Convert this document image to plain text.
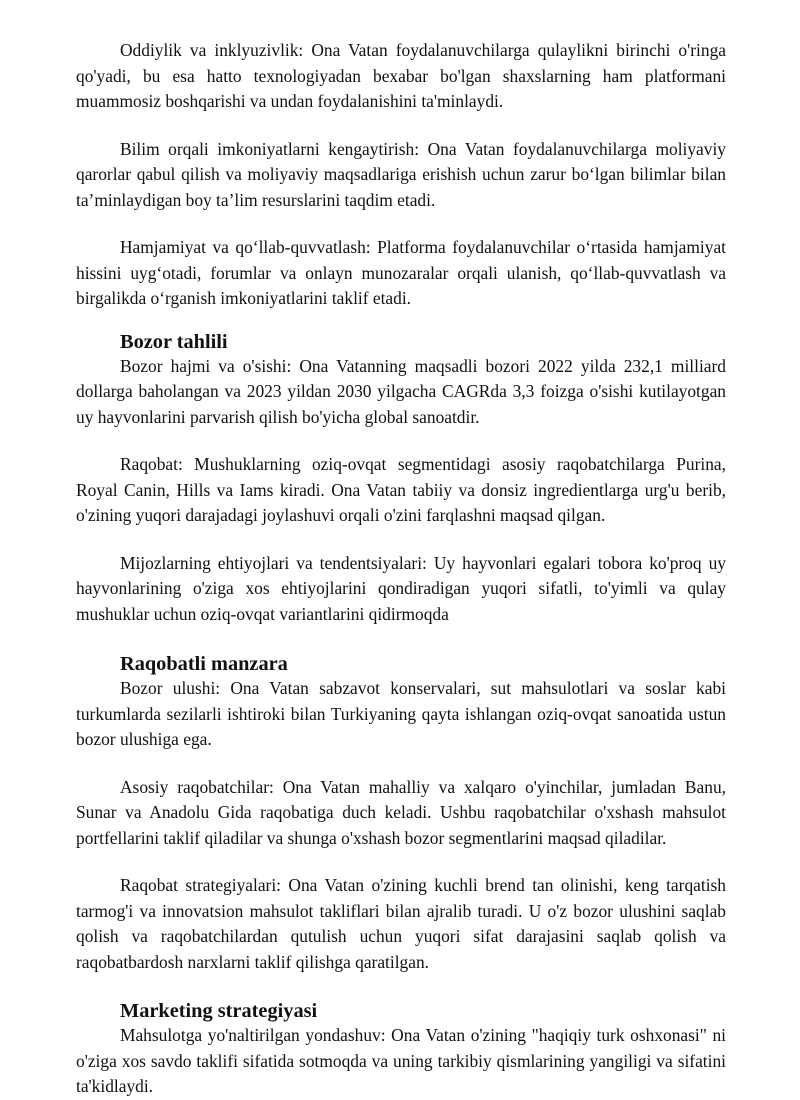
Oddiylik va inklyuzivlik: Ona Vatan foydalanuvchilarga qulaylikni birinchi o'ringa qo'yadi, bu esa hatto texnologiyadan bexabar bo'lgan shaxslarning ham platformani muammosiz boshqarishi va undan foydalanishini ta'minlaydi.

Bilim orqali imkoniyatlarni kengaytirish: Ona Vatan foydalanuvchilarga moliyaviy qarorlar qabul qilish va moliyaviy maqsadlariga erishish uchun zarur bo‘lgan bilimlar bilan ta’minlaydigan boy ta’lim resurslarini taqdim etadi.

Hamjamiyat va qo‘llab-quvvatlash: Platforma foydalanuvchilar o‘rtasida hamjamiyat hissini uyg‘otadi, forumlar va onlayn munozaralar orqali ulanish, qo‘llab-quvvatlash va birgalikda o‘rganish imkoniyatlarini taklif etadi.

Bozor tahlili

Bozor hajmi va o'sishi: Ona Vatanning maqsadli bozori 2022 yilda 232,1 milliard dollarga baholangan va 2023 yildan 2030 yilgacha CAGRda 3,3 foizga o'sishi kutilayotgan uy hayvonlarini parvarish qilish bo'yicha global sanoatdir.

Raqobat: Mushuklarning oziq-ovqat segmentidagi asosiy raqobatchilarga Purina, Royal Canin, Hills va Iams kiradi. Ona Vatan tabiiy va donsiz ingredientlarga urg'u berib, o'zining yuqori darajadagi joylashuvi orqali o'zini farqlashni maqsad qilgan.

Mijozlarning ehtiyojlari va tendentsiyalari: Uy hayvonlari egalari tobora ko'proq uy hayvonlarining o'ziga xos ehtiyojlarini qondiradigan yuqori sifatli, to'yimli va qulay mushuklar uchun oziq-ovqat variantlarini qidirmoqda

Raqobatli manzara

Bozor ulushi: Ona Vatan sabzavot konservalari, sut mahsulotlari va soslar kabi turkumlarda sezilarli ishtiroki bilan Turkiyaning qayta ishlangan oziq-ovqat sanoatida ustun bozor ulushiga ega.

Asosiy raqobatchilar: Ona Vatan mahalliy va xalqaro o'yinchilar, jumladan Banu, Sunar va Anadolu Gida raqobatiga duch keladi. Ushbu raqobatchilar o'xshash mahsulot portfellarini taklif qiladilar va shunga o'xshash bozor segmentlarini maqsad qiladilar.

Raqobat strategiyalari: Ona Vatan o'zining kuchli brend tan olinishi, keng tarqatish tarmog'i va innovatsion mahsulot takliflari bilan ajralib turadi. U o'z bozor ulushini saqlab qolish va raqobatchilardan qutulish uchun yuqori sifat darajasini saqlab qolish va raqobatbardosh narxlarni taklif qilishga qaratilgan.

Marketing strategiyasi

Mahsulotga yo'naltirilgan yondashuv: Ona Vatan o'zining "haqiqiy turk oshxonasi" ni o'ziga xos savdo taklifi sifatida sotmoqda va uning tarkibiy qismlarining yangiligi va sifatini ta'kidlaydi.
